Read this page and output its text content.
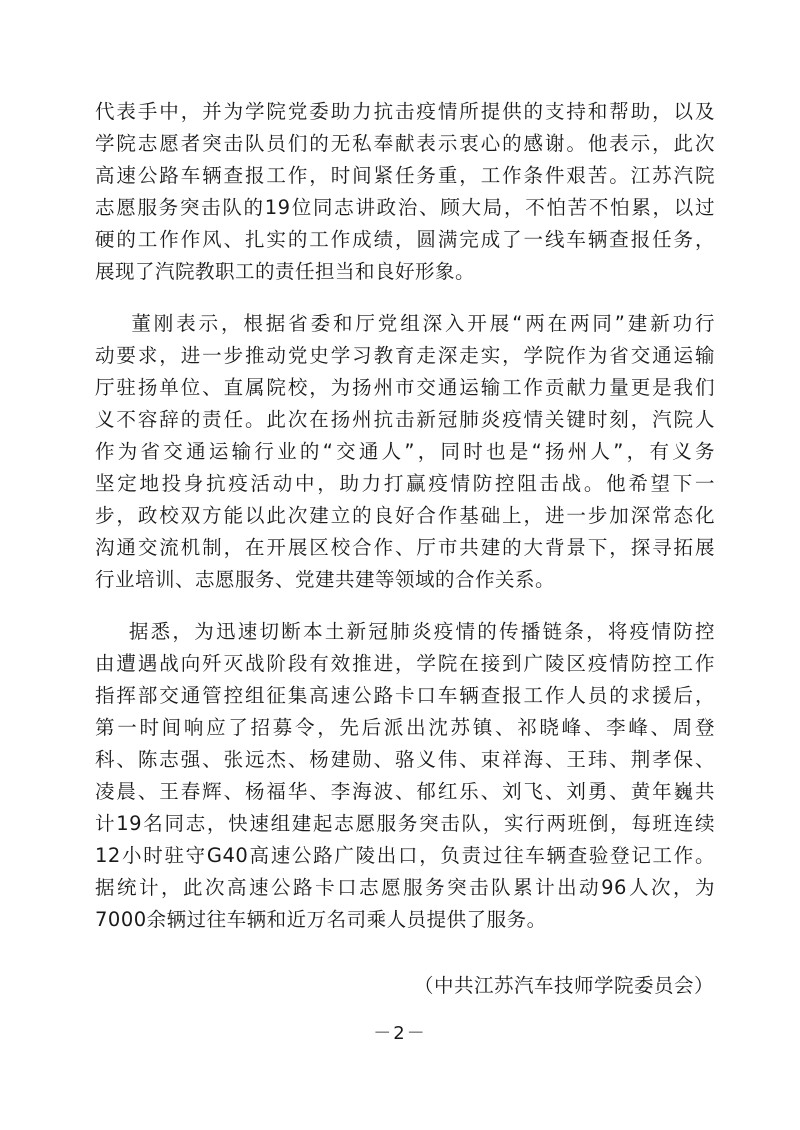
代表手中，并为学院党委助力抗击疫情所提供的支持和帮助，以及
学院志愿者突击队员们的无私奉献表示衷心的感谢。他表示，此次
高速公路车辆查报工作，时间紧任务重，工作条件艰苦。江苏汽院
志愿服务突击队的19位同志讲政治、顾大局，不怕苦不怕累，以过
硬的工作作风、扎实的工作成绩，圆满完成了一线车辆查报任务，
展现了汽院教职工的责任担当和良好形象。
董刚表示，根据省委和厅党组深入开展“两在两同”建新功行
动要求，进一步推动党史学习教育走深走实，学院作为省交通运输
厅驻扬单位、直属院校，为扬州市交通运输工作贡献力量更是我们
义不容辞的责任。此次在扬州抗击新冠肺炎疫情关键时刻，汽院人
作为省交通运输行业的“交通人”，同时也是“扬州人”，有义务
坚定地投身抗疫活动中，助力打赢疫情防控阻击战。他希望下一
步，政校双方能以此次建立的良好合作基础上，进一步加深常态化
沟通交流机制，在开展区校合作、厅市共建的大背景下，探寻拓展
行业培训、志愿服务、党建共建等领域的合作关系。
据悉，为迅速切断本土新冠肺炎疫情的传播链条，将疫情防控
由遭遇战向歼灭战阶段有效推进，学院在接到广陵区疫情防控工作
指挥部交通管控组征集高速公路卡口车辆查报工作人员的求援后，
第一时间响应了招募令，先后派出沈苏镇、祁晓峰、李峰、周登
科、陈志强、张远杰、杨建勋、骆义伟、束祥海、王玮、荆孝保、
凌晨、王春辉、杨福华、李海波、郁红乐、刘飞、刘勇、黄年巍共
计19名同志，快速组建起志愿服务突击队，实行两班倒，每班连续
12小时驻守G40高速公路广陵出口，负责过往车辆查验登记工作。
据统计，此次高速公路卡口志愿服务突击队累计出动96人次，为
7000余辆过往车辆和近万名司乘人员提供了服务。
（中共江苏汽车技师学院委员会）
－2－
